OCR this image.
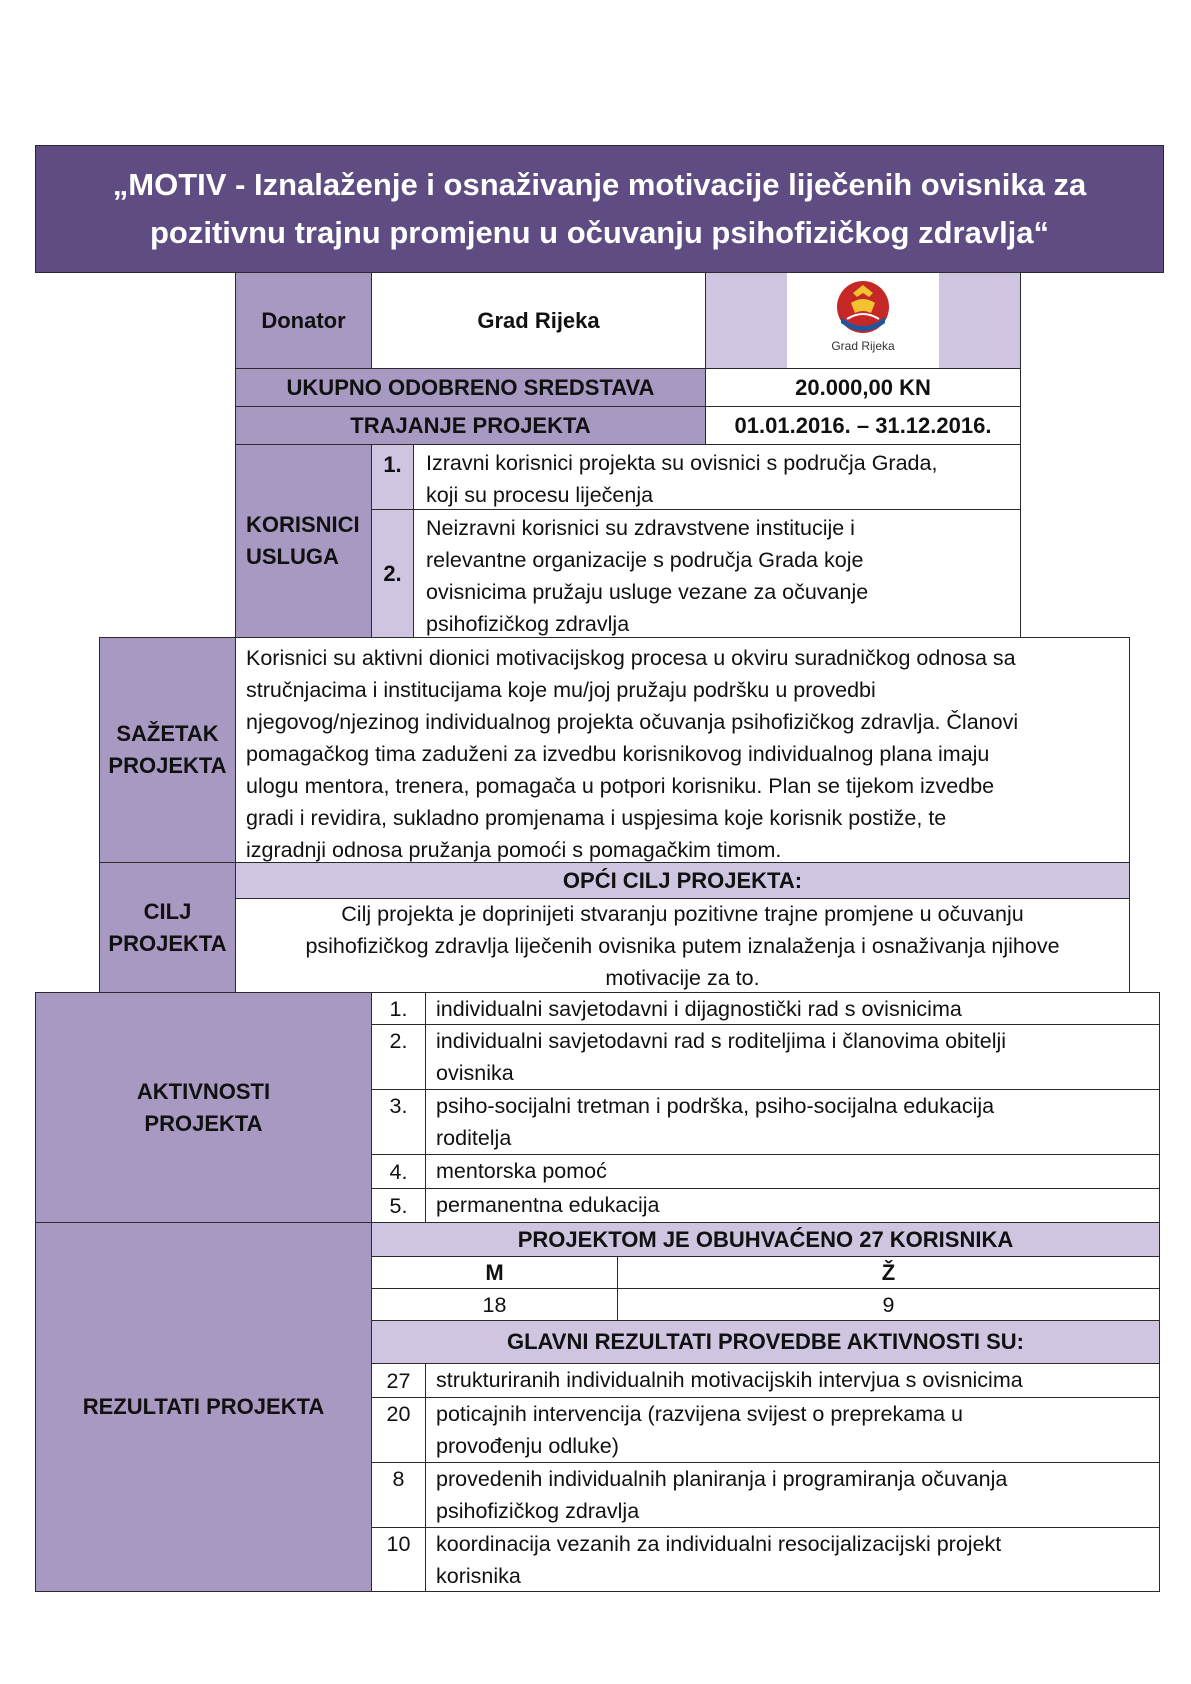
„MOTIV - Iznalaženje i osnaživanje motivacije liječenih ovisnika za
pozitivnu trajnu promjenu u očuvanju psihofizičkog zdravlja“
Donator	Grad Rijeka
Grad Rijeka
UKUPNO ODOBRENO SREDSTAVA	20.000,00 KN
TRAJANJE PROJEKTA	01.01.2016. – 31.12.2016.
KORISNICI
USLUGA
1. Izravni korisnici projekta su ovisnici s područja Grada,
koji su procesu liječenja
2.
Neizravni korisnici su zdravstvene institucije i
relevantne organizacije s područja Grada koje
ovisnicima pružaju usluge vezane za očuvanje
psihofizičkog zdravlja
SAŽETAK
PROJEKTA
Korisnici su aktivni dionici motivacijskog procesa u okviru suradničkog odnosa sa
stručnjacima i institucijama koje mu/joj pružaju podršku u provedbi
njegovog/njezinog individualnog projekta očuvanja psihofizičkog zdravlja. Članovi
pomagačkog tima zaduženi za izvedbu korisnikovog individualnog plana imaju
ulogu mentora, trenera, pomagača u potpori korisniku. Plan se tijekom izvedbe
gradi i revidira, sukladno promjenama i uspjesima koje korisnik postiže, te
izgradnji odnosa pružanja pomoći s pomagačkim timom.
CILJ
PROJEKTA
OPĆI CILJ PROJEKTA:
Cilj projekta je doprinijeti stvaranju pozitivne trajne promjene u očuvanju
psihofizičkog zdravlja liječenih ovisnika putem iznalaženja i osnaživanja njihove
motivacije za to.
AKTIVNOSTI
PROJEKTA
1. individualni savjetodavni i dijagnostički rad s ovisnicima
2. individualni savjetodavni rad s roditeljima i članovima obitelji
ovisnika
3. psiho-socijalni tretman i podrška, psiho-socijalna edukacija
roditelja
4. mentorska pomoć
5. permanentna edukacija
REZULTATI PROJEKTA
PROJEKTOM JE OBUHVAĆENO 27 KORISNIKA
M	Ž
18	9
GLAVNI REZULTATI PROVEDBE AKTIVNOSTI SU:
27 strukturiranih individualnih motivacijskih intervjua s ovisnicima
20 poticajnih intervencija (razvijena svijest o preprekama u
provođenju odluke)
8 provedenih individualnih planiranja i programiranja očuvanja
psihofizičkog zdravlja
10 koordinacija vezanih za individualni resocijalizacijski projekt
korisnika
